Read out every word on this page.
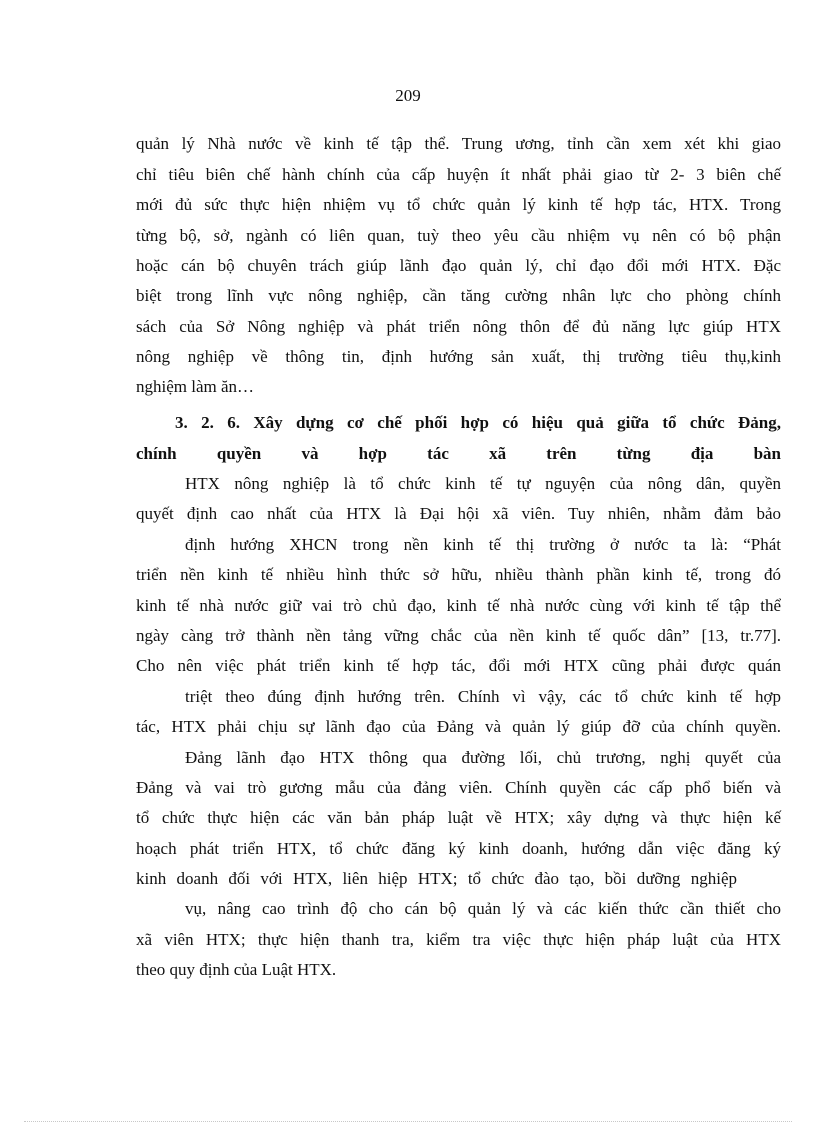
209
quản lý Nhà nước về kinh tế tập thể. Trung ương, tỉnh cần xem xét khi giao
chỉ tiêu biên chế hành chính của cấp huyện ít nhất phải giao từ 2- 3 biên chế
mới đủ sức thực hiện nhiệm vụ tổ chức quản lý kinh tế hợp tác, HTX. Trong
từng bộ, sở, ngành có liên quan, tuỳ theo yêu cầu nhiệm vụ nên có bộ phận
hoặc cán bộ chuyên trách giúp lãnh đạo quản lý, chỉ đạo đổi mới HTX. Đặc
biệt trong lĩnh vực nông nghiệp, cần tăng cường nhân lực cho phòng chính
sách của Sở Nông nghiệp và phát triển nông thôn để đủ năng lực giúp HTX
nông nghiệp về thông tin, định hướng sản xuất, thị trường tiêu thụ,kinh
nghiệm làm ăn…
3. 2. 6. Xây dựng cơ chế phối hợp có hiệu quả giữa tổ chức Đảng,
chính quyền và hợp tác xã trên từng địa bàn
HTX nông nghiệp là tổ chức kinh tế tự nguyện của nông dân, quyền
quyết định cao nhất của HTX là Đại hội xã viên. Tuy nhiên, nhằm đảm bảo
định hướng XHCN trong nền kinh tế thị trường ở nước ta là: “Phát
triển nền kinh tế nhiều hình thức sở hữu, nhiều thành phần kinh tế, trong đó
kinh tế nhà nước giữ vai trò chủ đạo, kinh tế nhà nước cùng với kinh tế tập thể
ngày càng trở thành nền tảng vững chắc của nền kinh tế quốc dân” [13, tr.77].
Cho nên việc phát triển kinh tế hợp tác, đổi mới HTX cũng phải được quán
triệt theo đúng định hướng trên. Chính vì vậy, các tổ chức kinh tế hợp
tác, HTX phải chịu sự lãnh đạo của Đảng và quản lý giúp đỡ của chính quyền.
Đảng lãnh đạo HTX thông qua đường lối, chủ trương, nghị quyết của
Đảng và vai trò gương mẫu của đảng viên. Chính quyền các cấp phổ biến và
tổ chức thực hiện các văn bản pháp luật về HTX; xây dựng và thực hiện kế
hoạch phát triển HTX, tổ chức đăng ký kinh doanh, hướng dẫn việc đăng ký
kinh doanh đối với HTX, liên hiệp HTX; tổ chức đào tạo, bồi dưỡng nghiệp
vụ, nâng cao trình độ cho cán bộ quản lý và các kiến thức cần thiết cho
xã viên HTX; thực hiện thanh tra, kiểm tra việc thực hiện pháp luật của HTX
theo quy định của Luật HTX.
